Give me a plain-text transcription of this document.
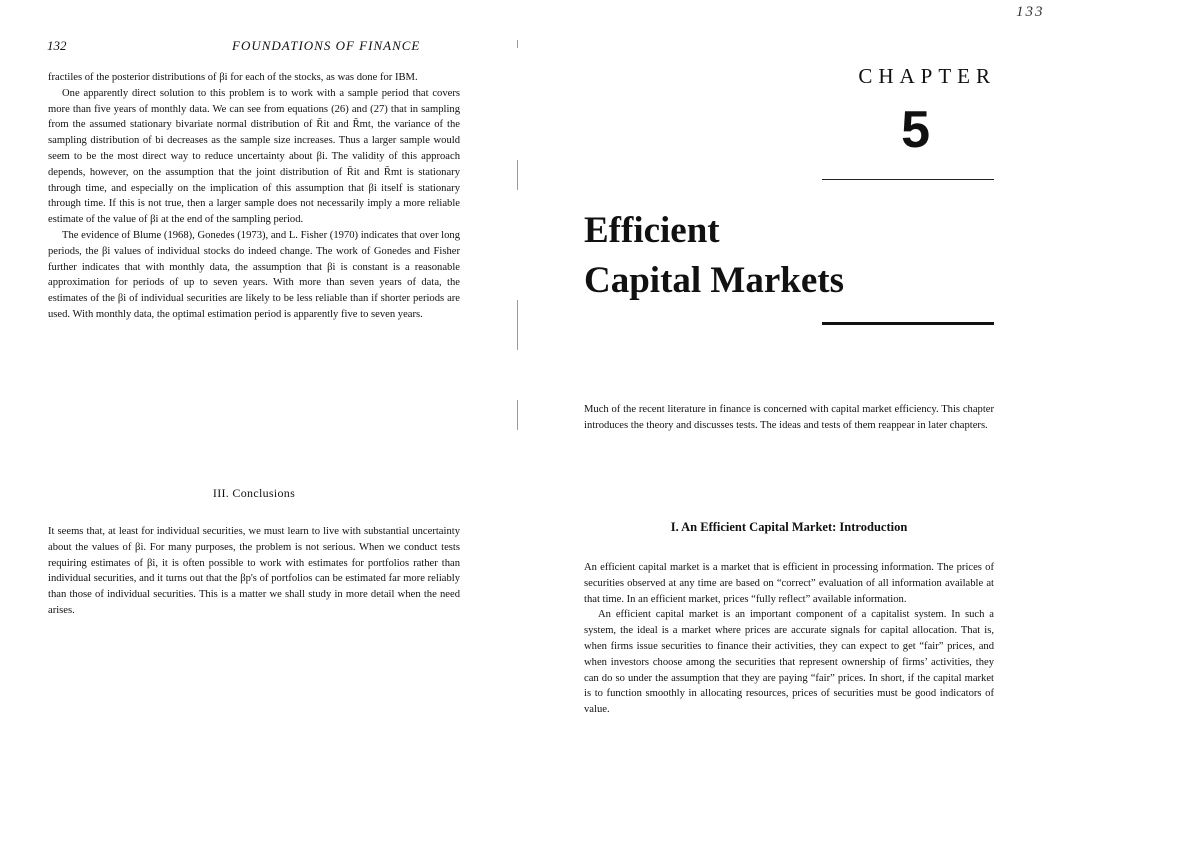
133
132	FOUNDATIONS OF FINANCE

fractiles of the posterior distributions of βi for each of the stocks, as was done for IBM.

One apparently direct solution to this problem is to work with a sample period that covers more than five years of monthly data. We can see from equations (26) and (27) that in sampling from the assumed stationary bivariate normal distribution of R̃it and R̃mt, the variance of the sampling distribution of bi decreases as the sample size increases. Thus a larger sample would seem to be the most direct way to reduce uncertainty about βi. The validity of this approach depends, however, on the assumption that the joint distribution of R̃it and R̃mt is stationary through time, and especially on the implication of this assumption that βi itself is stationary through time. If this is not true, then a larger sample does not necessarily imply a more reliable estimate of the value of βi at the end of the sampling period.

The evidence of Blume (1968), Gonedes (1973), and L. Fisher (1970) indicates that over long periods, the βi values of individual stocks do indeed change. The work of Gonedes and Fisher further indicates that with monthly data, the assumption that βi is constant is a reasonable approximation for periods of up to seven years. With more than seven years of data, the estimates of the βi of individual securities are likely to be less reliable than if shorter periods are used. With monthly data, the optimal estimation period is apparently five to seven years.

III. Conclusions

It seems that, at least for individual securities, we must learn to live with substantial uncertainty about the values of βi. For many purposes, the problem is not serious. When we conduct tests requiring estimates of βi, it is often possible to work with estimates for portfolios rather than individual securities, and it turns out that the βp's of portfolios can be estimated far more reliably than those of individual securities. This is a matter we shall study in more detail when the need arises.

CHAPTER
5
Efficient
Capital Markets

Much of the recent literature in finance is concerned with capital market efficiency. This chapter introduces the theory and discusses tests. The ideas and tests of them reappear in later chapters.

I. An Efficient Capital Market: Introduction

An efficient capital market is a market that is efficient in processing information. The prices of securities observed at any time are based on “correct” evaluation of all information available at that time. In an efficient market, prices “fully reflect” available information.

An efficient capital market is an important component of a capitalist system. In such a system, the ideal is a market where prices are accurate signals for capital allocation. That is, when firms issue securities to finance their activities, they can expect to get “fair” prices, and when investors choose among the securities that represent ownership of firms’ activities, they can do so under the assumption that they are paying “fair” prices. In short, if the capital market is to function smoothly in allocating resources, prices of securities must be good indicators of value.
